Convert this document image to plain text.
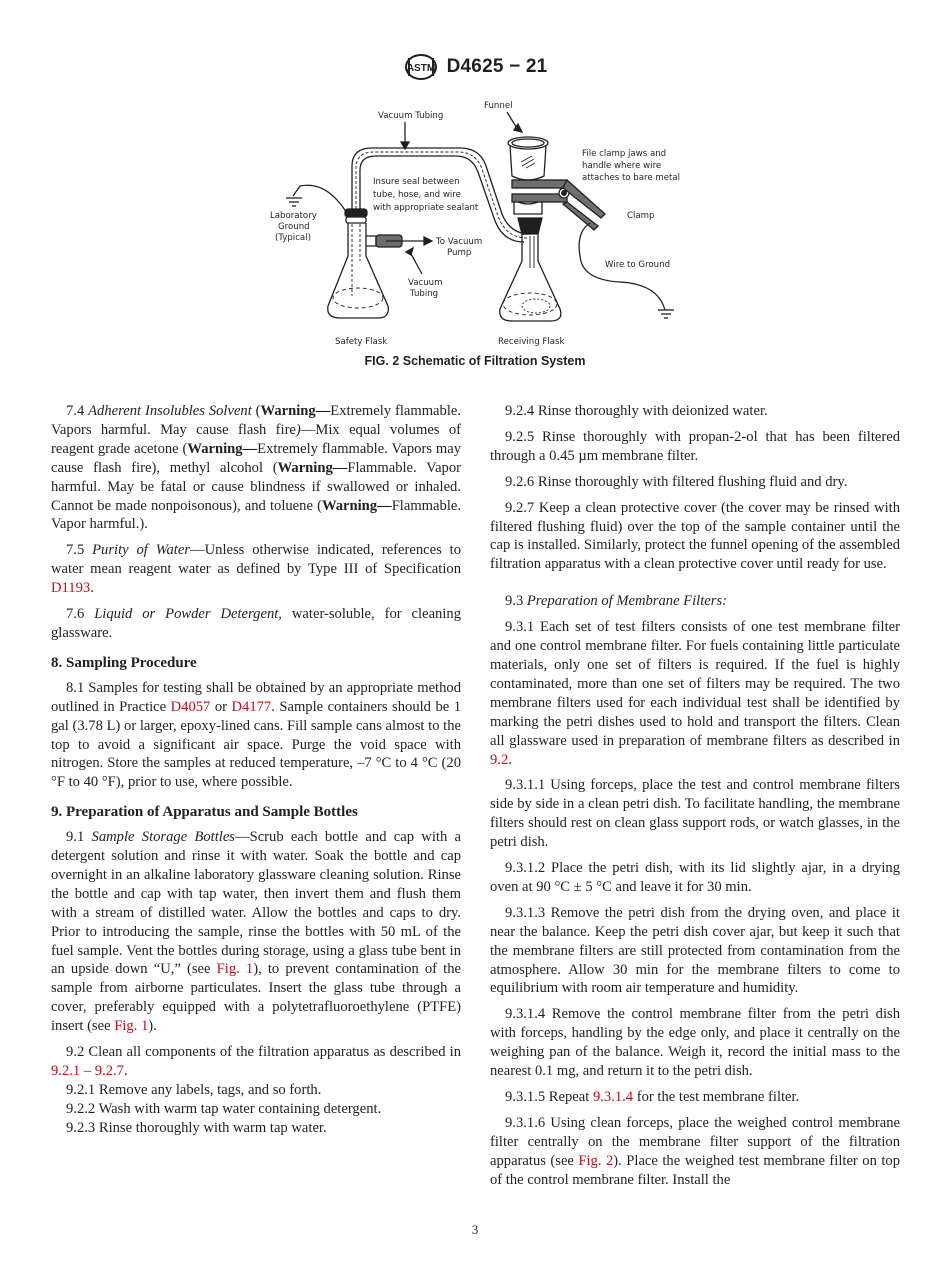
ASTM D4625 − 21
Vacuum Tubing
Funnel
File clamp jaws and
handle where wire
attaches to bare metal
Insure seal between
tube, hose, and wire
with appropriate sealant
Laboratory
Ground
(Typical)	To Vacuum
Pump
Clamp
Vacuum
Tubing
Wire to Ground
Safety Flask	Receiving Flask
FIG. 2 Schematic of Filtration System

7.4 Adherent Insolubles Solvent (Warning—Extremely flammable. Vapors harmful. May cause flash fire)—Mix equal volumes of reagent grade acetone (Warning—Extremely flammable. Vapors may cause flash fire), methyl alcohol (Warning—Flammable. Vapor harmful. May be fatal or cause blindness if swallowed or inhaled. Cannot be made nonpoisonous), and toluene (Warning—Flammable. Vapor harmful.).

7.5 Purity of Water—Unless otherwise indicated, references to water mean reagent water as defined by Type III of Specification D1193.

7.6 Liquid or Powder Detergent, water-soluble, for cleaning glassware.

8. Sampling Procedure

8.1 Samples for testing shall be obtained by an appropriate method outlined in Practice D4057 or D4177. Sample containers should be 1 gal (3.78 L) or larger, epoxy-lined cans. Fill sample cans almost to the top to avoid a significant air space. Purge the void space with nitrogen. Store the samples at reduced temperature, –7 °C to 4 °C (20 °F to 40 °F), prior to use, where possible.

9. Preparation of Apparatus and Sample Bottles

9.1 Sample Storage Bottles—Scrub each bottle and cap with a detergent solution and rinse it with water. Soak the bottle and cap overnight in an alkaline laboratory glassware cleaning solution. Rinse the bottle and cap with tap water, then invert them and flush them with a stream of distilled water. Allow the bottles and caps to dry. Prior to introducing the sample, rinse the bottles with 50 mL of the fuel sample. Vent the bottles during storage, using a glass tube bent in an upside down “U,” (see Fig. 1), to prevent contamination of the sample from airborne particulates. Insert the glass tube through a cover, preferably equipped with a polytetrafluoroethylene (PTFE) insert (see Fig. 1).

9.2 Clean all components of the filtration apparatus as described in 9.2.1 – 9.2.7.

9.2.1 Remove any labels, tags, and so forth.

9.2.2 Wash with warm tap water containing detergent.

9.2.3 Rinse thoroughly with warm tap water.

9.2.4 Rinse thoroughly with deionized water.

9.2.5 Rinse thoroughly with propan-2-ol that has been filtered through a 0.45 µm membrane filter.

9.2.6 Rinse thoroughly with filtered flushing fluid and dry.

9.2.7 Keep a clean protective cover (the cover may be rinsed with filtered flushing fluid) over the top of the sample container until the cap is installed. Similarly, protect the funnel opening of the assembled filtration apparatus with a clean protective cover until ready for use.

9.3 Preparation of Membrane Filters:

9.3.1 Each set of test filters consists of one test membrane filter and one control membrane filter. For fuels containing little particulate materials, only one set of filters is required. If the fuel is highly contaminated, more than one set of filters may be required. The two membrane filters used for each individual test shall be identified by marking the petri dishes used to hold and transport the filters. Clean all glassware used in preparation of membrane filters as described in 9.2.

9.3.1.1 Using forceps, place the test and control membrane filters side by side in a clean petri dish. To facilitate handling, the membrane filters should rest on clean glass support rods, or watch glasses, in the petri dish.

9.3.1.2 Place the petri dish, with its lid slightly ajar, in a drying oven at 90 °C ± 5 °C and leave it for 30 min.

9.3.1.3 Remove the petri dish from the drying oven, and place it near the balance. Keep the petri dish cover ajar, but keep it such that the membrane filters are still protected from contamination from the atmosphere. Allow 30 min for the membrane filters to come to equilibrium with room air temperature and humidity.

9.3.1.4 Remove the control membrane filter from the petri dish with forceps, handling by the edge only, and place it centrally on the weighing pan of the balance. Weigh it, record the initial mass to the nearest 0.1 mg, and return it to the petri dish.

9.3.1.5 Repeat 9.3.1.4 for the test membrane filter.

9.3.1.6 Using clean forceps, place the weighed control membrane filter centrally on the membrane filter support of the filtration apparatus (see Fig. 2). Place the weighed test membrane filter on top of the control membrane filter. Install the

3
